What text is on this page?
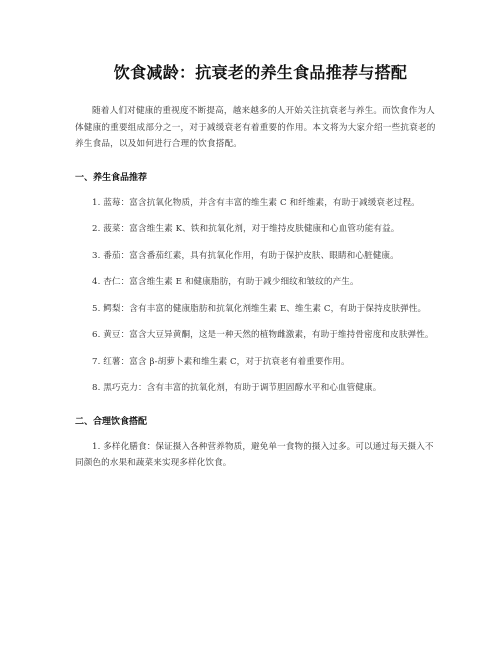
饮食减龄：抗衰老的养生食品推荐与搭配

随着人们对健康的重视度不断提高，越来越多的人开始关注抗衰老与养生。而饮食作为人体健康的重要组成部分之一，对于减缓衰老有着重要的作用。本文将为大家介绍一些抗衰老的养生食品，以及如何进行合理的饮食搭配。

一、养生食品推荐

1. 蓝莓：富含抗氧化物质，并含有丰富的维生素 C 和纤维素，有助于减缓衰老过程。

2. 菠菜：富含维生素 K、铁和抗氧化剂，对于维持皮肤健康和心血管功能有益。

3. 番茄：富含番茄红素，具有抗氧化作用，有助于保护皮肤、眼睛和心脏健康。

4. 杏仁：富含维生素 E 和健康脂肪，有助于减少细纹和皱纹的产生。

5. 鳄梨：含有丰富的健康脂肪和抗氧化剂维生素 E、维生素 C，有助于保持皮肤弹性。

6. 黄豆：富含大豆异黄酮，这是一种天然的植物雌激素，有助于维持骨密度和皮肤弹性。

7. 红薯：富含 β-胡萝卜素和维生素 C，对于抗衰老有着重要作用。

8. 黑巧克力：含有丰富的抗氧化剂，有助于调节胆固醇水平和心血管健康。

二、合理饮食搭配

1. 多样化膳食：保证摄入各种营养物质，避免单一食物的摄入过多。可以通过每天摄入不同颜色的水果和蔬菜来实现多样化饮食。
